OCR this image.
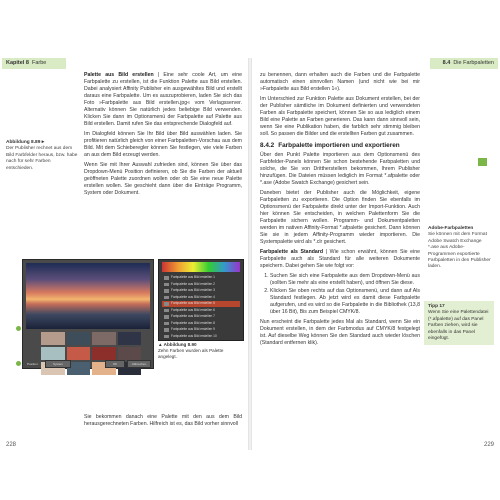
Kapitel 8 Farbe

Palette aus Bild erstellen | Eine sehr coole Art, um eine Farbpalette zu erstellen, ist die Funktion Palette aus Bild erstellen. Dabei analysiert Affinity Publisher ein ausgewähltes Bild und erstellt daraus eine Farbpalette. Um es auszuprobieren, laden Sie sich das Foto »Farbpalette aus Bild erstellen.jpg« vom Verlagsserver. Alternativ können Sie natürlich jedes beliebige Bild verwenden. Klicken Sie dann im Optionsmenü der Farbpalette auf Palette aus Bild erstellen. Damit rufen Sie das entsprechende Dialogfeld auf.

Im Dialogfeld können Sie Ihr Bild über Bild auswählen laden. Sie profitieren natürlich gleich von einer Farbpaletten-Vorschau aus dem Bild. Mit dem Schieberegler können Sie festlegen, wie viele Farben an aus dem Bild erzeugt werden.

Wenn Sie mit Ihrer Auswahl zufrieden sind, können Sie über das Dropdown-Menü Position definieren, ob Sie die Farben der aktuell geöffneten Palette zuordnen wollen oder ob Sie eine neue Palette erstellen wollen. Sie geschieht dann über die Einträge Programm, System oder Dokument.

Abbildung 8.89 ▸
Der Publisher rechnet aus dem Bild Farbfelder heraus, bzw. habe nach für sehr Farben entschieden.
Position:	System	OK	Abbrechen
Farbpalette aus Bild erstellen 1
Farbpalette aus Bild erstellen 2
Farbpalette aus Bild erstellen 3
Farbpalette aus Bild erstellen 4
Farbpalette aus Bild erstellen 5
Farbpalette aus Bild erstellen 6
Farbpalette aus Bild erstellen 7
Farbpalette aus Bild erstellen 8
Farbpalette aus Bild erstellen 9
Farbpalette aus Bild erstellen 10
▲ Abbildung 8.90
Zehn Farben wurden als Palette angelegt.

Sie bekommen danach eine Palette mit den aus dem Bild herausgerechneten Farben. Hilfreich ist es, das Bild vorher sinnvoll

228
8.4 Die Farbpaletten

zu benennen, dann erhalten auch die Farben und die Farbpalette automatisch einen sinnvollen Namen (und nicht wie bei mir »Farbpalette aus Bild erstellen 1«).

Im Unterschied zur Funktion Palette aus Dokument erstellen, bei der der Publisher sämtliche im Dokument definierten und verwendeten Farben als Farbpalette speichert, können Sie so aus lediglich einem Bild eine Palette an Farben generieren. Das kann dann sinnvoll sein, wenn Sie eine Publikation haben, die farblich sehr stimmig bleiben soll. So passen die Bilder und die erstellten Farben gut zusammen.

8.4.2 Farbpalette importieren und exportieren

Über den Punkt Palette importieren aus dem Optionsmenü des Farbfelder-Panels können Sie schon bestehende Farbpaletten und solche, die Sie von Drittherstellern bekommen, Ihrem Publisher hinzufügen. Die Dateien müssen lediglich im Format *.afpalette oder *.ase (Adobe Swatch Exchange) gesichert sein.

Daneben bietet der Publisher auch die Möglichkeit, eigene Farbpaletten zu exportieren. Die Option finden Sie ebenfalls im Optionsmenü der Farbpalette direkt unter der Import-Funktion. Auch hier können Sie entscheiden, in welchen Palettenform Sie die Farbpalette sichern wollen. Programm- und Dokumentpaletten werden im nativen Affinity-Format *.afpalette gesichert. Dann können Sie sie in jedem Affinity-Programm wieder importieren. Die Systempalette wird als *.clr gesichert.

Farbpalette als Standard | Wie schon erwähnt, können Sie eine Farbpalette auch als Standard für alle weiteren Dokumente speichern. Dabei gehen Sie wie folgt vor:

1. Suchen Sie sich eine Farbpalette aus dem Dropdown-Menü aus (sollten Sie mehr als eine erstellt haben), und öffnen Sie diese.
2. Klicken Sie oben rechts auf das Optionsmenü, und dann auf Als Standard festlegen. Ab jetzt wird es damit diese Farbpalette aufgerufen, und es wird so die Farbpalette in die Bibliothek (13,8 über 16 Bit), Bis zum Beispiel CMYK/8.

Nun erscheint die Farbpalette jedes Mal als Standard, wenn Sie ein Dokument erstellen, in dem der Farbmodus auf CMYK/8 festgelegt ist. Auf dieselbe Weg können Sie den Standard auch wieder löschen (Standard entfernen klik).

Adobe-Farbpaletten
Sie können mit dem Format Adobe Swatch Exchange *.ase aus Adobe-Programmen exportierte Farbpaletten in den Publisher laden.
Tipp 17
Wenn Sie eine Palettendatei (*.afpalette) auf das Panel Farben ziehen, wird sie ebenfalls in das Panel eingefügt.
229
